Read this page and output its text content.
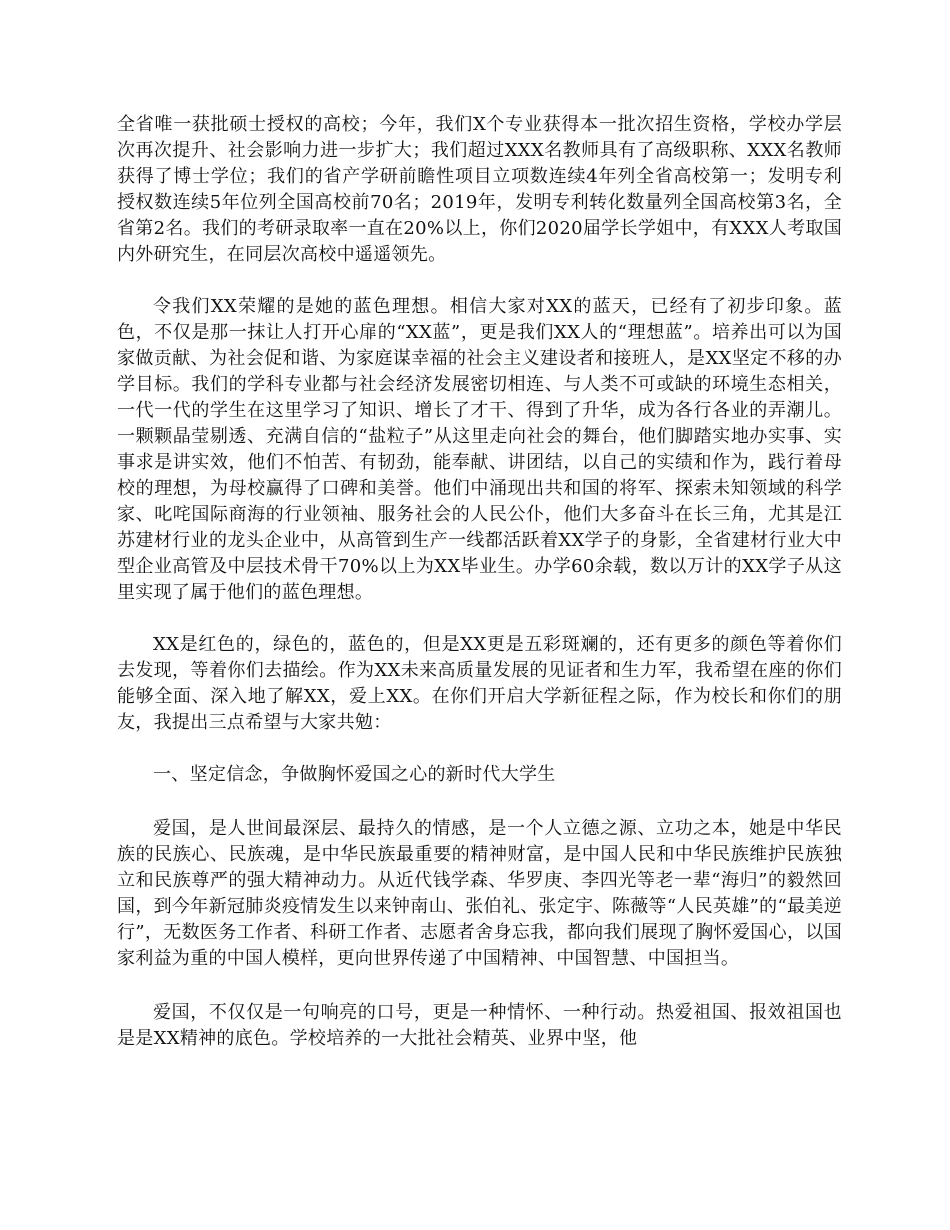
全省唯一获批硕士授权的高校；今年，我们X个专业获得本一批次招生资格，学校办学层次再次提升、社会影响力进一步扩大；我们超过XXX名教师具有了高级职称、XXX名教师获得了博士学位；我们的省产学研前瞻性项目立项数连续4年列全省高校第一；发明专利授权数连续5年位列全国高校前70名；2019年，发明专利转化数量列全国高校第3名，全省第2名。我们的考研录取率一直在20%以上，你们2020届学长学姐中，有XXX人考取国内外研究生，在同层次高校中遥遥领先。

令我们XX荣耀的是她的蓝色理想。相信大家对XX的蓝天，已经有了初步印象。蓝色，不仅是那一抹让人打开心扉的“XX蓝”，更是我们XX人的“理想蓝”。培养出可以为国家做贡献、为社会促和谐、为家庭谋幸福的社会主义建设者和接班人，是XX坚定不移的办学目标。我们的学科专业都与社会经济发展密切相连、与人类不可或缺的环境生态相关，一代一代的学生在这里学习了知识、增长了才干、得到了升华，成为各行各业的弄潮儿。一颗颗晶莹剔透、充满自信的“盐粒子”从这里走向社会的舞台，他们脚踏实地办实事、实事求是讲实效，他们不怕苦、有韧劲，能奉献、讲团结，以自己的实绩和作为，践行着母校的理想，为母校赢得了口碑和美誉。他们中涌现出共和国的将军、探索未知领域的科学家、叱咤国际商海的行业领袖、服务社会的人民公仆，他们大多奋斗在长三角，尤其是江苏建材行业的龙头企业中，从高管到生产一线都活跃着XX学子的身影，全省建材行业大中型企业高管及中层技术骨干70%以上为XX毕业生。办学60余载，数以万计的XX学子从这里实现了属于他们的蓝色理想。

XX是红色的，绿色的，蓝色的，但是XX更是五彩斑斓的，还有更多的颜色等着你们去发现，等着你们去描绘。作为XX未来高质量发展的见证者和生力军，我希望在座的你们能够全面、深入地了解XX，爱上XX。在你们开启大学新征程之际，作为校长和你们的朋友，我提出三点希望与大家共勉：

一、坚定信念，争做胸怀爱国之心的新时代大学生

爱国，是人世间最深层、最持久的情感，是一个人立德之源、立功之本，她是中华民族的民族心、民族魂，是中华民族最重要的精神财富，是中国人民和中华民族维护民族独立和民族尊严的强大精神动力。从近代钱学森、华罗庚、李四光等老一辈“海归”的毅然回国，到今年新冠肺炎疫情发生以来钟南山、张伯礼、张定宇、陈薇等“人民英雄”的“最美逆行”，无数医务工作者、科研工作者、志愿者舍身忘我，都向我们展现了胸怀爱国心，以国家利益为重的中国人模样，更向世界传递了中国精神、中国智慧、中国担当。

爱国，不仅仅是一句响亮的口号，更是一种情怀、一种行动。热爱祖国、报效祖国也是是XX精神的底色。学校培养的一大批社会精英、业界中坚，他
